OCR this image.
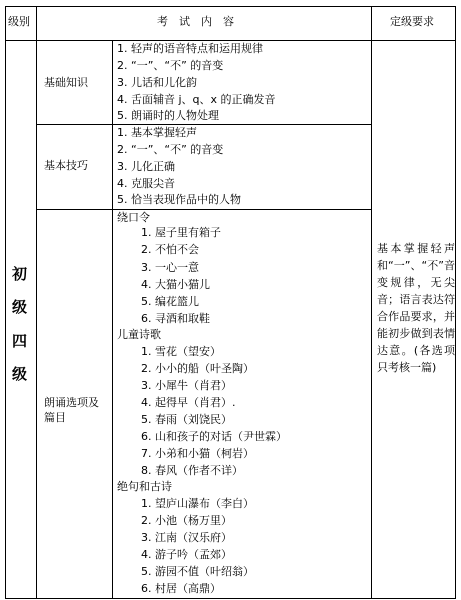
级别	考　试　内　容	定级要求
初
级
四
级
基础知识
基本技巧
朗诵选项及
篇目
1. 轻声的语音特点和运用规律
2. “一”、“不” 的音变
3. 儿话和儿化韵
4. 舌面辅音 j、q、x 的正确发音
5. 朗诵时的人物处理
1. 基本掌握轻声
2. “一”、“不” 的音变
3. 儿化正确
4. 克服尖音
5. 恰当表现作品中的人物
绕口令
1. 屋子里有箱子
2. 不怕不会
3. 一心一意
4. 大猫小猫儿
5. 编花篮儿
6. 寻酒和取鞋
儿童诗歌
1. 雪花（望安）
2. 小小的船（叶圣陶）
3. 小犀牛（肖君）
4. 起得早（肖君）.
5. 春雨（刘饶民）
6. 山和孩子的对话（尹世霖）
7. 小弟和小猫（柯岩）
8. 春风（作者不详）
绝句和古诗
1. 望庐山瀑布（李白）
2. 小池（杨万里）
3. 江南（汉乐府）
4. 游子吟（孟郊）
5. 游园不值（叶绍翁）
6. 村居（高鼎）
基本掌握轻声和“一”、“不”音变规律，无尖音；语言表达符合作品要求，并能初步做到表情达意。(各选项只考核一篇)
